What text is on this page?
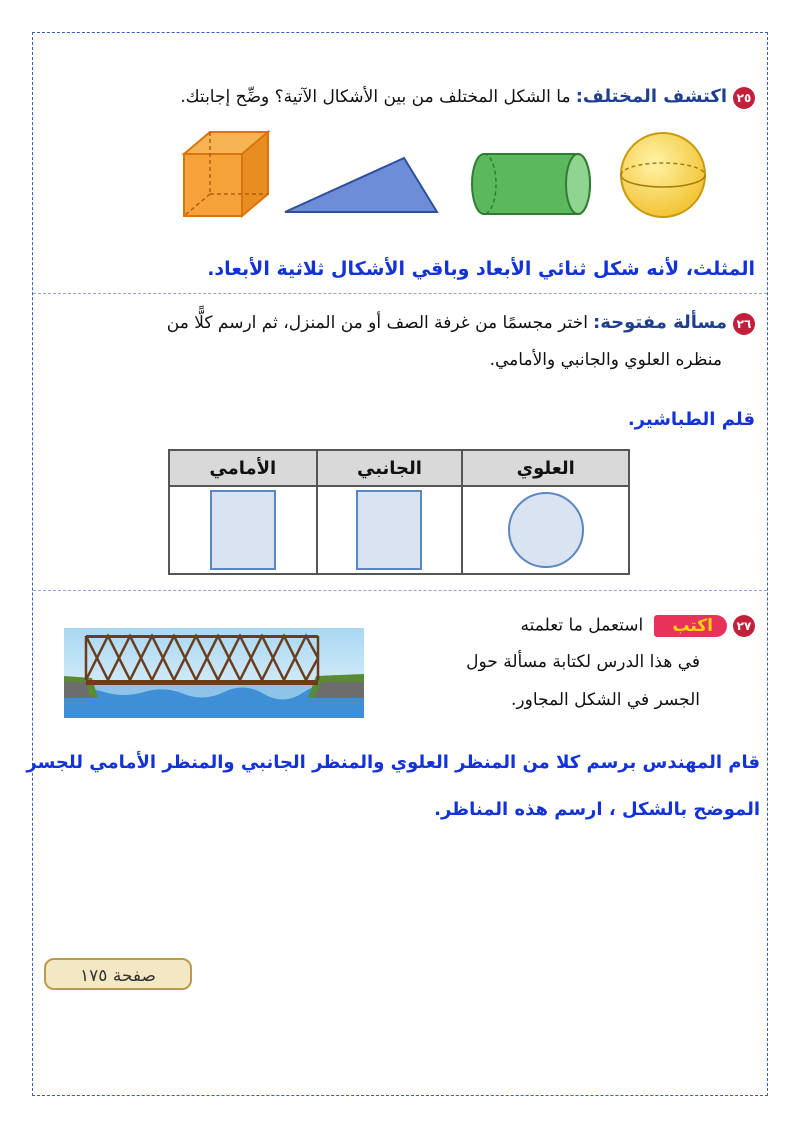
٢٥اكتشف المختلف: ما الشكل المختلف من بين الأشكال الآتية؟ وضِّح إجابتك.
المثلث، لأنه شكل ثنائي الأبعاد وباقي الأشكال ثلاثية الأبعاد.
٢٦مسألة مفتوحة: اختر مجسمًا من غرفة الصف أو من المنزل، ثم ارسم كلًّا من
منظره العلوي والجانبي والأمامي.
قلم الطباشير.
العلوي	الجانبي	الأمامي

٢٧اكتب استعمل ما تعلمته
في هذا الدرس لكتابة مسألة حول
الجسر في الشكل المجاور.
قام المهندس برسم كلا من المنظر العلوي والمنظر الجانبي والمنظر الأمامي للجسر
الموضح بالشكل ، ارسم هذه المناظر.
صفحة ١٧٥
